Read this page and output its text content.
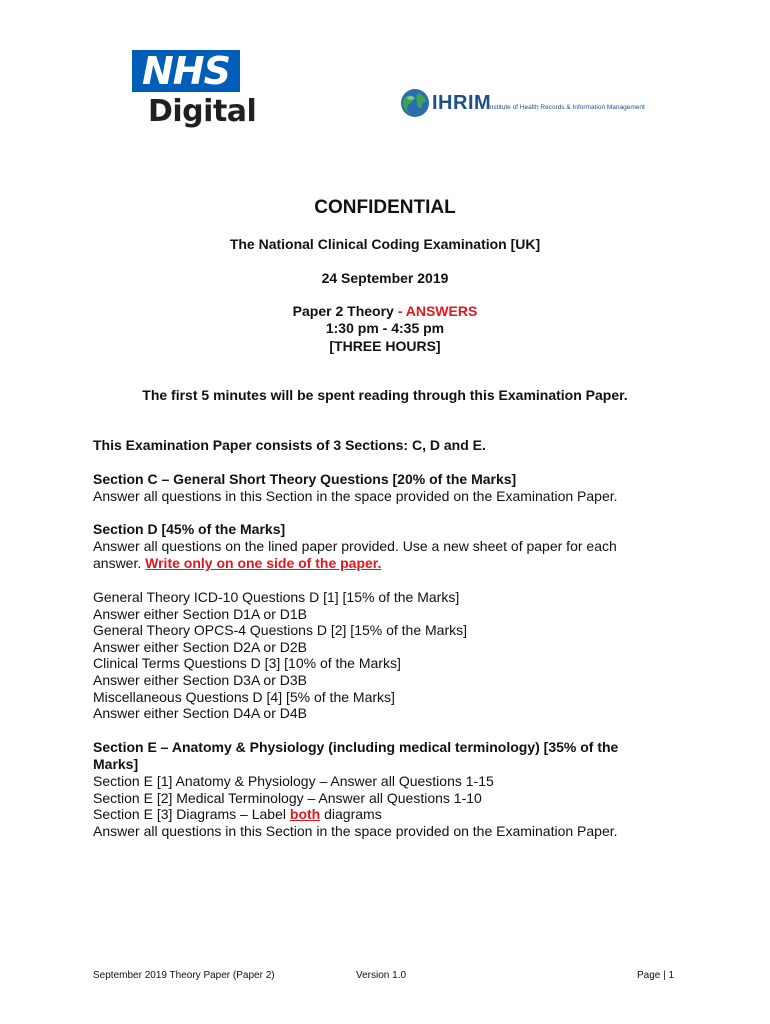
NHS
Digital	IHRIM
Institute of Health Records & Information Management
CONFIDENTIAL
The National Clinical Coding Examination [UK]
24 September 2019
Paper 2 Theory - ANSWERS
1:30 pm - 4:35 pm
[THREE HOURS]
The first 5 minutes will be spent reading through this Examination Paper.
This Examination Paper consists of 3 Sections: C, D and E.
Section C – General Short Theory Questions [20% of the Marks]
Answer all questions in this Section in the space provided on the Examination Paper.
Section D [45% of the Marks]
Answer all questions on the lined paper provided. Use a new sheet of paper for each
answer. Write only on one side of the paper.
General Theory ICD-10 Questions D [1] [15% of the Marks]
Answer either Section D1A or D1B
General Theory OPCS-4 Questions D [2] [15% of the Marks]
Answer either Section D2A or D2B
Clinical Terms Questions D [3] [10% of the Marks]
Answer either Section D3A or D3B
Miscellaneous Questions D [4] [5% of the Marks]
Answer either Section D4A or D4B
Section E – Anatomy & Physiology (including medical terminology) [35% of the
Marks]
Section E [1] Anatomy & Physiology – Answer all Questions 1-15
Section E [2] Medical Terminology – Answer all Questions 1-10
Section E [3] Diagrams – Label both diagrams
Answer all questions in this Section in the space provided on the Examination Paper.
September 2019 Theory Paper (Paper 2)	Version 1.0	Page | 1
